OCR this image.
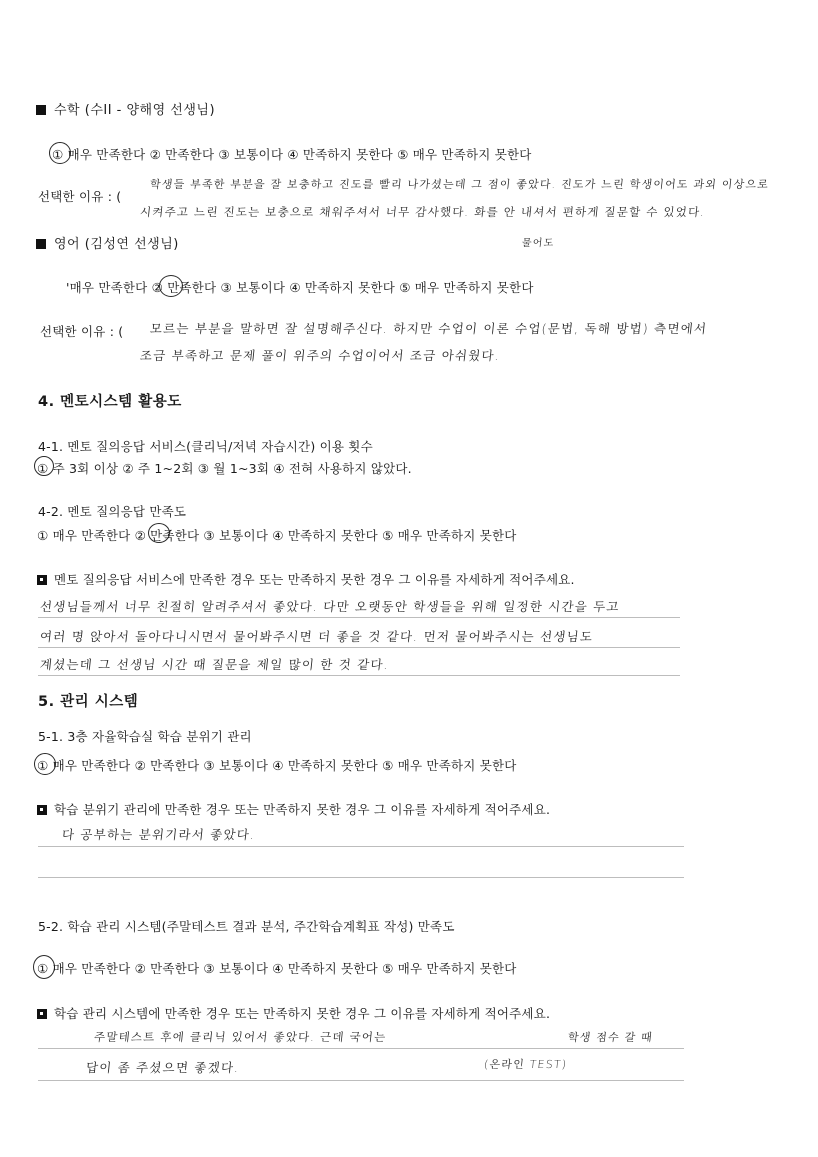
수학 (수II - 양해영 선생님)
① 매우 만족한다 ② 만족한다 ③ 보통이다 ④ 만족하지 못한다 ⑤ 매우 만족하지 못한다
선택한 이유 : (
학생들 부족한 부분을 잘 보충하고 진도를 빨리 나가셨는데 그 점이 좋았다. 진도가 느린 학생이어도 과외 이상으로
시켜주고 느린 진도는 보충으로 채워주셔서 너무 감사했다. 화를 안 내셔서 편하게 질문할 수 있었다.
물어도
영어 (김성연 선생님)
'매우 만족한다 ② 만족한다 ③ 보통이다 ④ 만족하지 못한다 ⑤ 매우 만족하지 못한다
선택한 이유 : ( 모르는 부분을 말하면 잘 설명해주신다. 하지만 수업이 이론 수업(문법, 독해 방법) 측면에서
조금 부족하고 문제 풀이 위주의 수업이어서 조금 아쉬웠다.
4. 멘토시스템 활용도
4-1. 멘토 질의응답 서비스(클리닉/저녁 자습시간) 이용 횟수
① 주 3회 이상 ② 주 1~2회 ③ 월 1~3회 ④ 전혀 사용하지 않았다.
4-2. 멘토 질의응답 만족도
① 매우 만족한다 ② 만족한다 ③ 보통이다 ④ 만족하지 못한다 ⑤ 매우 만족하지 못한다
멘토 질의응답 서비스에 만족한 경우 또는 만족하지 못한 경우 그 이유를 자세하게 적어주세요.
선생님들께서 너무 친절히 알려주셔서 좋았다. 다만 오랫동안 학생들을 위해 일정한 시간을 두고
여러 명 앉아서 돌아다니시면서 물어봐주시면 더 좋을 것 같다. 먼저 물어봐주시는 선생님도
계셨는데 그 선생님 시간 때 질문을 제일 많이 한 것 같다.
5. 관리 시스템
5-1. 3층 자율학습실 학습 분위기 관리
① 매우 만족한다 ② 만족한다 ③ 보통이다 ④ 만족하지 못한다 ⑤ 매우 만족하지 못한다
학습 분위기 관리에 만족한 경우 또는 만족하지 못한 경우 그 이유를 자세하게 적어주세요.
다 공부하는 분위기라서 좋았다.
5-2. 학습 관리 시스템(주말테스트 결과 분석, 주간학습계획표 작성) 만족도
① 매우 만족한다 ② 만족한다 ③ 보통이다 ④ 만족하지 못한다 ⑤ 매우 만족하지 못한다
학습 관리 시스템에 만족한 경우 또는 만족하지 못한 경우 그 이유를 자세하게 적어주세요.
주말테스트 후에 클리닉 있어서 좋았다. 근데 국어는	학생 점수 갈 때
답이 좀 주셨으면 좋겠다.	(온라인 TEST)
